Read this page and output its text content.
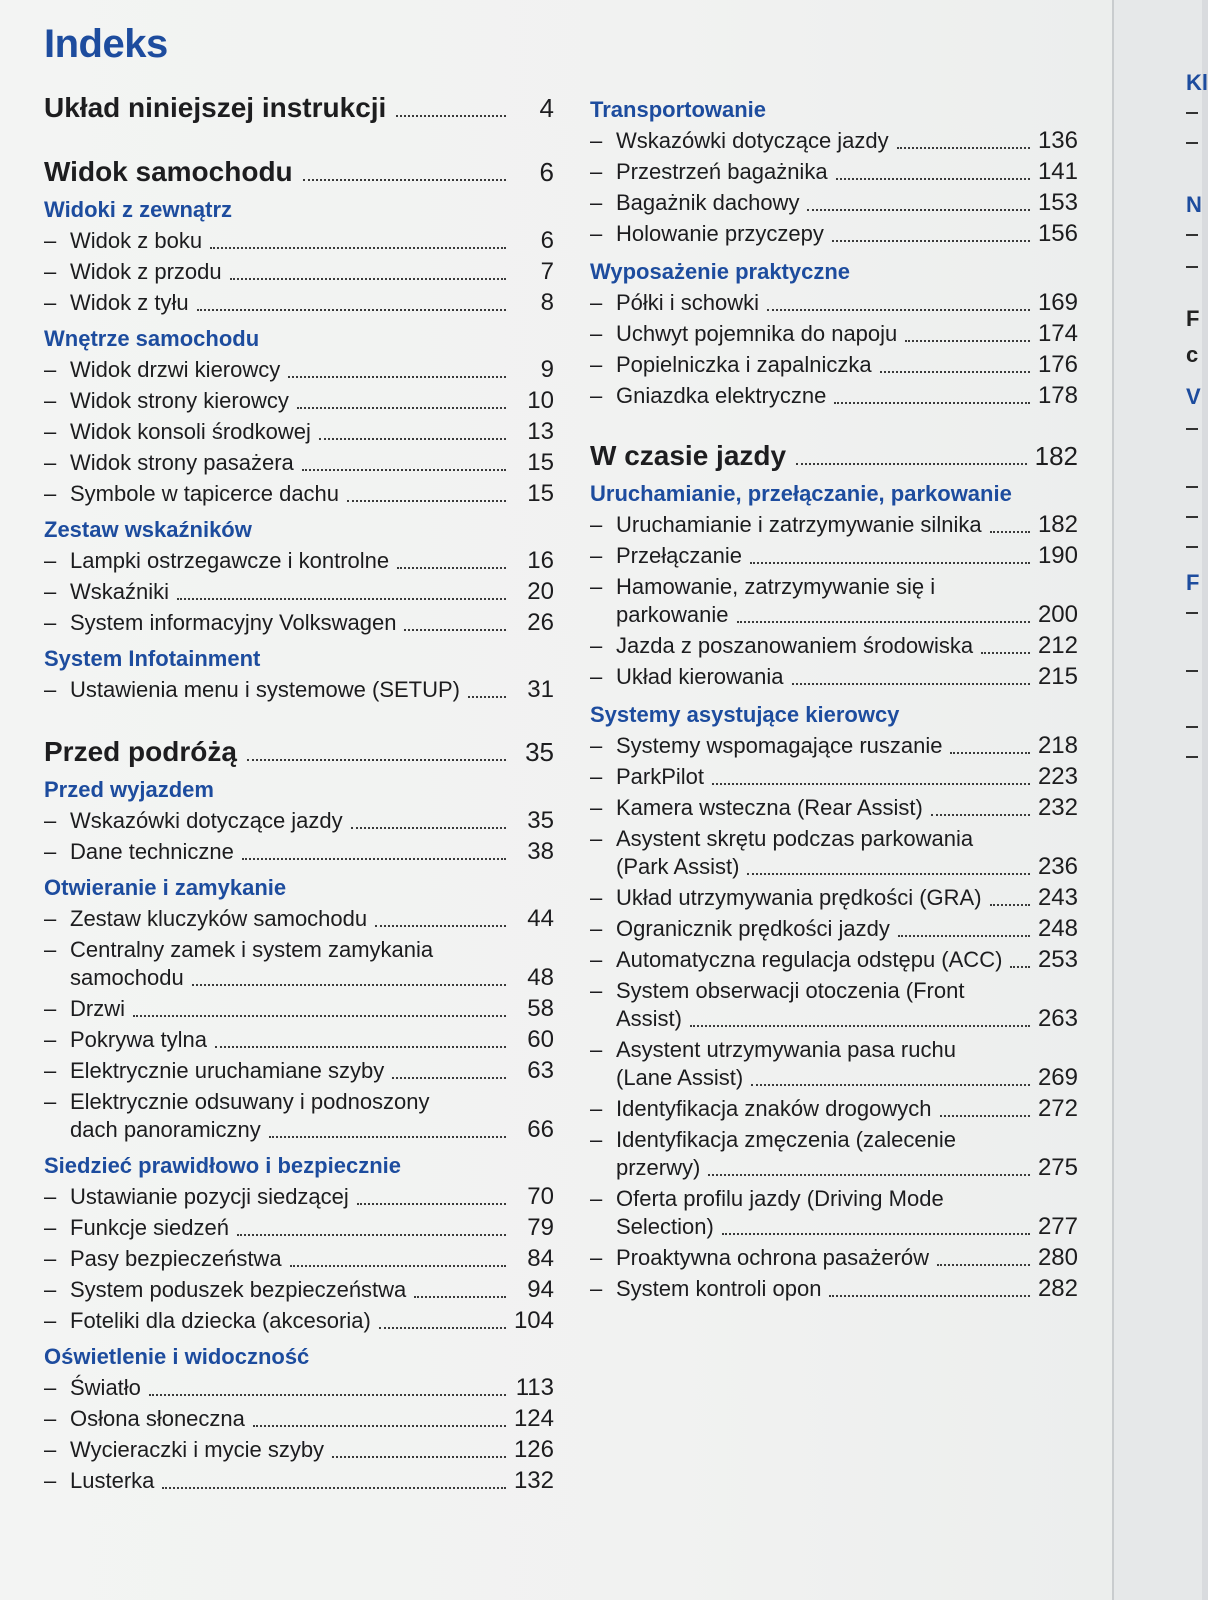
Indeks
Układ niniejszej instrukcji	4
Widok samochodu	6
Widoki z zewnątrz
– Widok z boku	6
– Widok z przodu	7
– Widok z tyłu	8
Wnętrze samochodu
– Widok drzwi kierowcy	9
– Widok strony kierowcy	10
– Widok konsoli środkowej	13
– Widok strony pasażera	15
– Symbole w tapicerce dachu	15
Zestaw wskaźników
– Lampki ostrzegawcze i kontrolne	16
– Wskaźniki	20
– System informacyjny Volkswagen	26
System Infotainment
– Ustawienia menu i systemowe (SETUP)	31
Przed podróżą	35
Przed wyjazdem
– Wskazówki dotyczące jazdy	35
– Dane techniczne	38
Otwieranie i zamykanie
– Zestaw kluczyków samochodu	44
– Centralny zamek i system zamykania
samochodu	48
– Drzwi	58
– Pokrywa tylna	60
– Elektrycznie uruchamiane szyby	63
– Elektrycznie odsuwany i podnoszony
dach panoramiczny	66
Siedzieć prawidłowo i bezpiecznie
– Ustawianie pozycji siedzącej	70
– Funkcje siedzeń	79
– Pasy bezpieczeństwa	84
– System poduszek bezpieczeństwa	94
– Foteliki dla dziecka (akcesoria)	104
Oświetlenie i widoczność
– Światło	113
– Osłona słoneczna	124
– Wycieraczki i mycie szyby	126
– Lusterka	132
Transportowanie
– Wskazówki dotyczące jazdy	136
– Przestrzeń bagażnika	141
– Bagażnik dachowy	153
– Holowanie przyczepy	156
Wyposażenie praktyczne
– Półki i schowki	169
– Uchwyt pojemnika do napoju	174
– Popielniczka i zapalniczka	176
– Gniazdka elektryczne	178
W czasie jazdy	182
Uruchamianie, przełączanie, parkowanie
– Uruchamianie i zatrzymywanie silnika 182
– Przełączanie	190
– Hamowanie, zatrzymywanie się i
parkowanie	200
– Jazda z poszanowaniem środowiska	212
– Układ kierowania	215
Systemy asystujące kierowcy
– Systemy wspomagające ruszanie	218
– ParkPilot	223
– Kamera wsteczna (Rear Assist)	232
– Asystent skrętu podczas parkowania
(Park Assist)	236
– Układ utrzymywania prędkości (GRA) 243
– Ogranicznik prędkości jazdy	248
– Automatyczna regulacja odstępu (ACC) 253
– System obserwacji otoczenia (Front
Assist)	263
– Asystent utrzymywania pasa ruchu
(Lane Assist)	269
– Identyfikacja znaków drogowych	272
– Identyfikacja zmęczenia (zalecenie
przerwy)	275
– Oferta profilu jazdy (Driving Mode
Selection)	277
– Proaktywna ochrona pasażerów	280
– System kontroli opon	282
Kl
N
F
c
V
F
